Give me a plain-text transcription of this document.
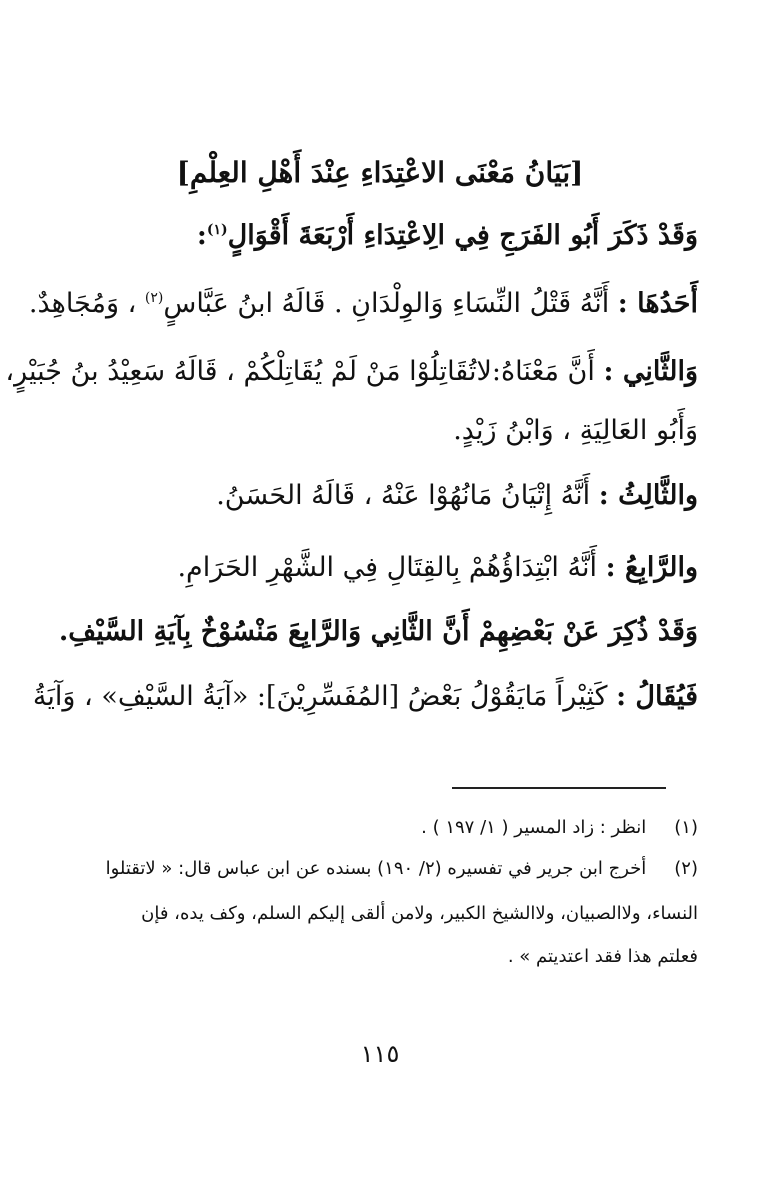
[بَيَانُ مَعْنَى الاعْتِدَاءِ عِنْدَ أَهْلِ العِلْمِ]
وَقَدْ ذَكَرَ أَبُو الفَرَجِ فِي الِاعْتِدَاءِ أَرْبَعَةَ أَقْوَالٍ$^{(١)}$:
أَحَدُهَا : أَنَّهُ قَتْلُ النِّسَاءِ وَالوِلْدَانِ . قَالَهُ ابنُ عَبَّاسٍ$^{(٢)}$ ، وَمُجَاهِدٌ.
وَالثَّانِي : أَنَّ مَعْنَاهُ:لاتُقَاتِلُوْا مَنْ لَمْ يُقَاتِلْكُمْ ، قَالَهُ سَعِيْدُ بنُ جُبَيْرٍ،
وَأَبُو العَالِيَةِ ، وَابْنُ زَيْدٍ.
والثَّالِثُ : أَنَّهُ إِتْيَانُ مَانُهُوْا عَنْهُ ، قَالَهُ الحَسَنُ.
والرَّابِعُ : أَنَّهُ ابْتِدَاؤُهُمْ بِالقِتَالِ فِي الشَّهْرِ الحَرَامِ.
وَقَدْ ذُكِرَ عَنْ بَعْضِهِمْ أَنَّ الثَّانِي وَالرَّابِعَ مَنْسُوْخٌ بِآيَةِ السَّيْفِ.
فَيُقَالُ : كَثِيْراً مَايَقُوْلُ بَعْضُ [المُفَسِّرِيْنَ]: «آيَةُ السَّيْفِ» ، وَآيَةُ
(١) انظر : زاد المسير ( ١/ ١٩٧ ) .
(٢) أخرج ابن جرير في تفسيره (٢/ ١٩٠) بسنده عن ابن عباس قال: « لاتقتلوا
النساء، ولاالصبيان، ولاالشيخ الكبير، ولامن ألقى إليكم السلم، وكف يده، فإن
فعلتم هذا فقد اعتديتم » .
١١٥
